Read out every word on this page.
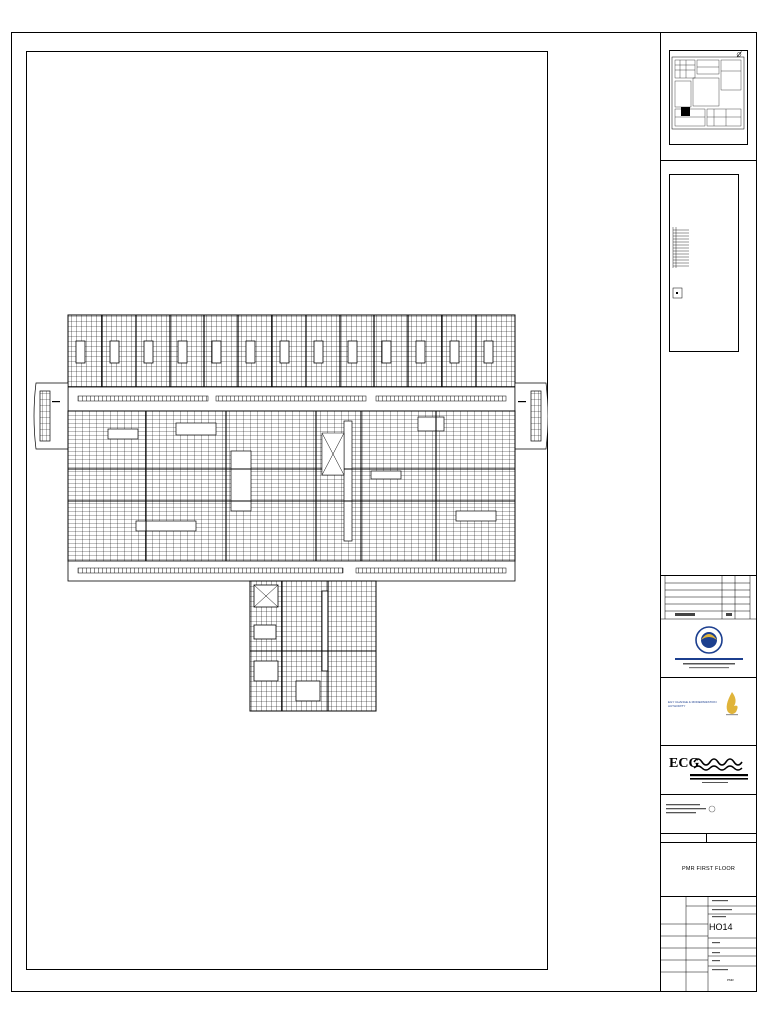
EGY CHANGE & MODERNIZATION AUTHORITY
ECG
PMR FIRST FLOOR
HO14
PMR
